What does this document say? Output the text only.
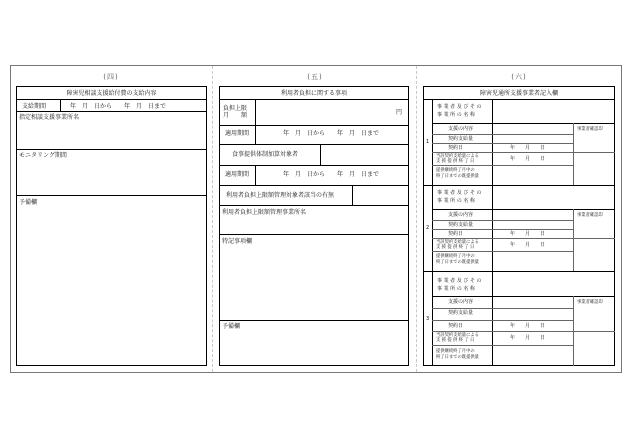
(四)
障害児相談支援給付費の支給内容
支給期間	年　月　日から　　年　月　日まで
指定相談支援事業所名
モニタリング期間
予備欄
(五)
利用者負担に関する事項
負担上限
月　　額	円
適用期間	年　月　日から　　年　月　日まで
食事提供体制加算対象者
適用期間	年　月　日から　　年　月　日まで
利用者負担上限額管理対象者該当の有無
利用者負担上限額管理事業所名
特記事項欄
予備欄
(六)
障害児通所支援事業者記入欄
1
事 業 者 及 び そ の
事 業 所 の 名 称
支援の内容	事業者確認印
契約支給量
契約日	年　　月　　日
当該契約支給量による
支 援 提 供 終 了 日	年　　月　　日
提供継続終了月中の
終了日までの既提供量
2
事 業 者 及 び そ の
事 業 所 の 名 称
支援の内容	事業者確認印
契約支給量
契約日	年　　月　　日
当該契約支給量による
支 援 提 供 終 了 日	年　　月　　日
提供継続終了月中の
終了日までの既提供量
3
事 業 者 及 び そ の
事 業 所 の 名 称
支援の内容	事業者確認印
契約支給量
契約日	年　　月　　日
当該契約支給量による
支 援 提 供 終 了 日	年　　月　　日
提供継続終了月中の
終了日までの既提供量
